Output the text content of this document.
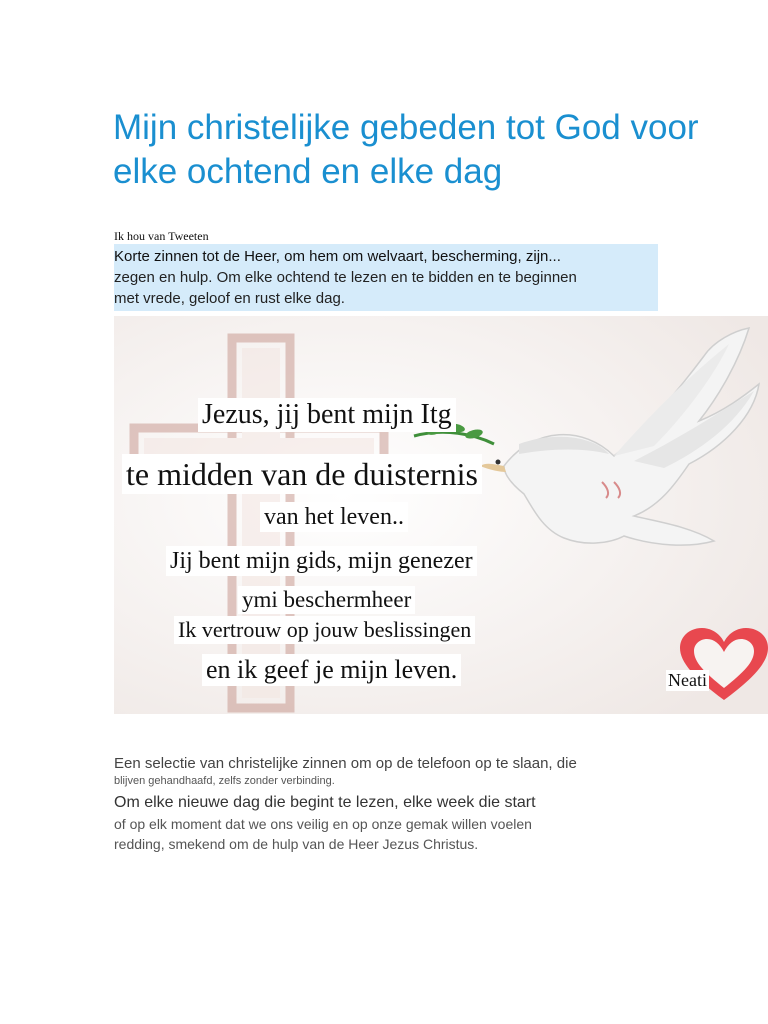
Mijn christelijke gebeden tot God voor elke ochtend en elke dag
Ik hou van Tweeten

Korte zinnen tot de Heer, om hem om welvaart, bescherming, zijn...

zegen en hulp. Om elke ochtend te lezen en te bidden en te beginnen

met vrede, geloof en rust elke dag.

Jezus, jij bent mijn Itg
te midden van de duisternis
van het leven..
Jij bent mijn gids, mijn genezer
ymi beschermheer
Ik vertrouw op jouw beslissingen
en ik geef je mijn leven.	Neati

Een selectie van christelijke zinnen om op de telefoon op te slaan, die

blijven gehandhaafd, zelfs zonder verbinding.

Om elke nieuwe dag die begint te lezen, elke week die start

of op elk moment dat we ons veilig en op onze gemak willen voelen

redding, smekend om de hulp van de Heer Jezus Christus.
